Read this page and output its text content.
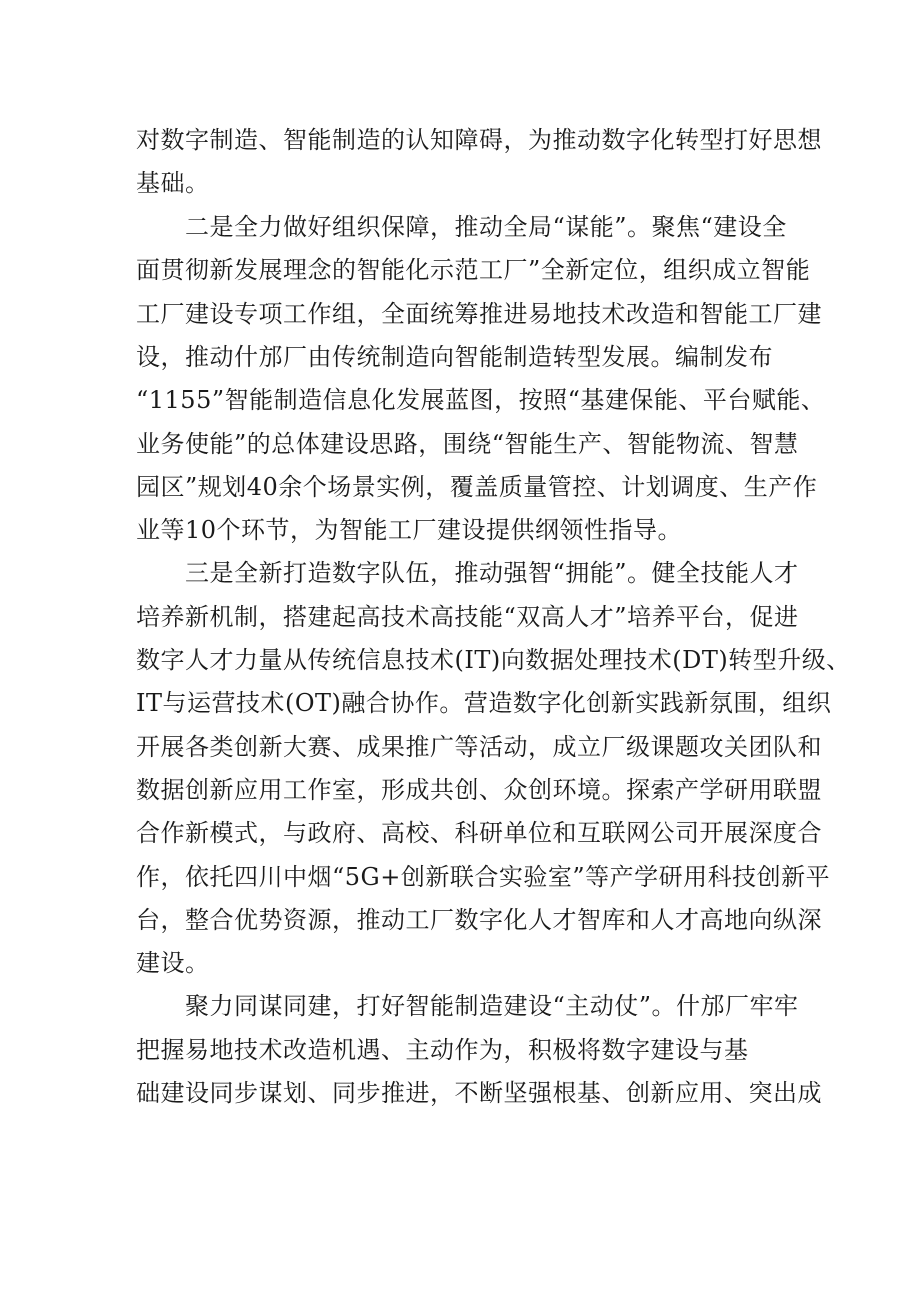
对数字制造、智能制造的认知障碍，为推动数字化转型打好思想
基础。
二是全力做好组织保障，推动全局“谋能”。聚焦“建设全
面贯彻新发展理念的智能化示范工厂”全新定位，组织成立智能
工厂建设专项工作组，全面统筹推进易地技术改造和智能工厂建
设，推动什邡厂由传统制造向智能制造转型发展。编制发布
“1155”智能制造信息化发展蓝图，按照“基建保能、平台赋能、
业务使能”的总体建设思路，围绕“智能生产、智能物流、智慧
园区”规划40余个场景实例，覆盖质量管控、计划调度、生产作
业等10个环节，为智能工厂建设提供纲领性指导。
三是全新打造数字队伍，推动强智“拥能”。健全技能人才
培养新机制，搭建起高技术高技能“双高人才”培养平台，促进
数字人才力量从传统信息技术(IT)向数据处理技术(DT)转型升级、
IT与运营技术(OT)融合协作。营造数字化创新实践新氛围，组织
开展各类创新大赛、成果推广等活动，成立厂级课题攻关团队和
数据创新应用工作室，形成共创、众创环境。探索产学研用联盟
合作新模式，与政府、高校、科研单位和互联网公司开展深度合
作，依托四川中烟“5G+创新联合实验室”等产学研用科技创新平
台，整合优势资源，推动工厂数字化人才智库和人才高地向纵深
建设。
聚力同谋同建，打好智能制造建设“主动仗”。什邡厂牢牢
把握易地技术改造机遇、主动作为，积极将数字建设与基
础建设同步谋划、同步推进，不断坚强根基、创新应用、突出成
